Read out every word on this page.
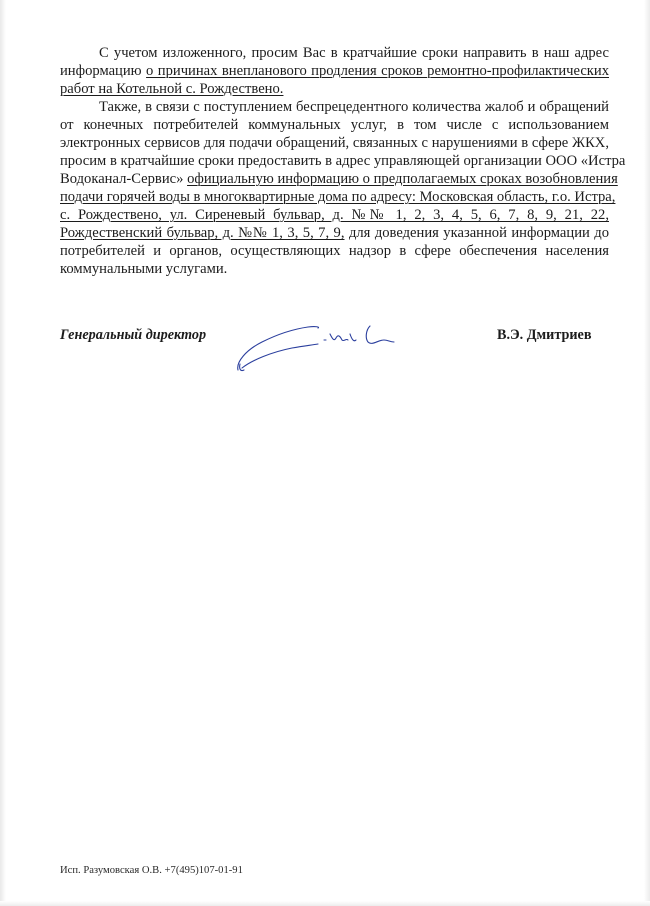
С учетом изложенного, просим Вас в кратчайшие сроки направить в наш адрес
информацию о причинах внепланового продления сроков ремонтно-профилактических
работ на Котельной с. Рождествено.
Также, в связи с поступлением беспрецедентного количества жалоб и обращений
от конечных потребителей коммунальных услуг, в том числе с использованием
электронных сервисов для подачи обращений, связанных с нарушениями в сфере ЖКХ,
просим в кратчайшие сроки предоставить в адрес управляющей организации ООО «Истра
Водоканал-Сервис» официальную информацию о предполагаемых сроках возобновления
подачи горячей воды в многоквартирные дома по адресу: Московская область, г.о. Истра,
с. Рождествено, ул. Сиреневый бульвар, д. №№ 1, 2, 3, 4, 5, 6, 7, 8, 9, 21, 22,
Рождественский бульвар, д. №№ 1, 3, 5, 7, 9, для доведения указанной информации до
потребителей и органов, осуществляющих надзор в сфере обеспечения населения
коммунальными услугами.
Генеральный директор	В.Э. Дмитриев
Исп. Разумовская О.В. +7(495)107-01-91
